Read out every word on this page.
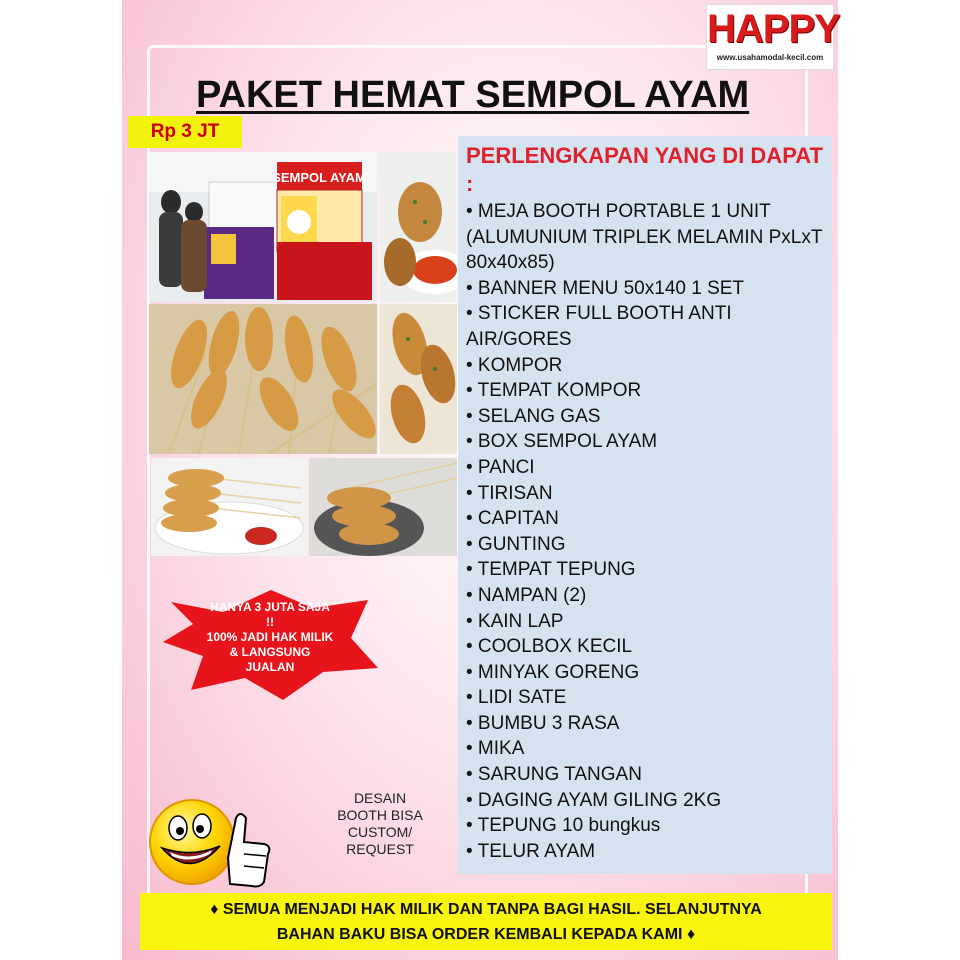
HAPPY
www.usahamodal-kecil.com
PAKET HEMAT SEMPOL AYAM
SEMPOL AYAM
Rp 3 JT
PERLENGKAPAN YANG DI DAPAT :
• MEJA BOOTH PORTABLE 1 UNIT (ALUMUNIUM TRIPLEK MELAMIN PxLxT 80x40x85)
• BANNER MENU 50x140 1 SET
• STICKER FULL BOOTH ANTI AIR/GORES
• KOMPOR
• TEMPAT KOMPOR
• SELANG GAS
• BOX SEMPOL AYAM
• PANCI
• TIRISAN
• CAPITAN
• GUNTING
• TEMPAT TEPUNG
• NAMPAN (2)
• KAIN LAP
• COOLBOX KECIL
• MINYAK GORENG
• LIDI SATE
• BUMBU 3 RASA
• MIKA
• SARUNG TANGAN
• DAGING AYAM GILING 2KG
• TEPUNG 10 bungkus
• TELUR AYAM
HANYA 3 JUTA SAJA
!!
100% JADI HAK MILIK
& LANGSUNG
JUALAN
DESAIN
BOOTH BISA
CUSTOM/
REQUEST
♦ SEMUA MENJADI HAK MILIK DAN TANPA BAGI HASIL. SELANJUTNYA
BAHAN BAKU BISA ORDER KEMBALI KEPADA KAMI ♦
